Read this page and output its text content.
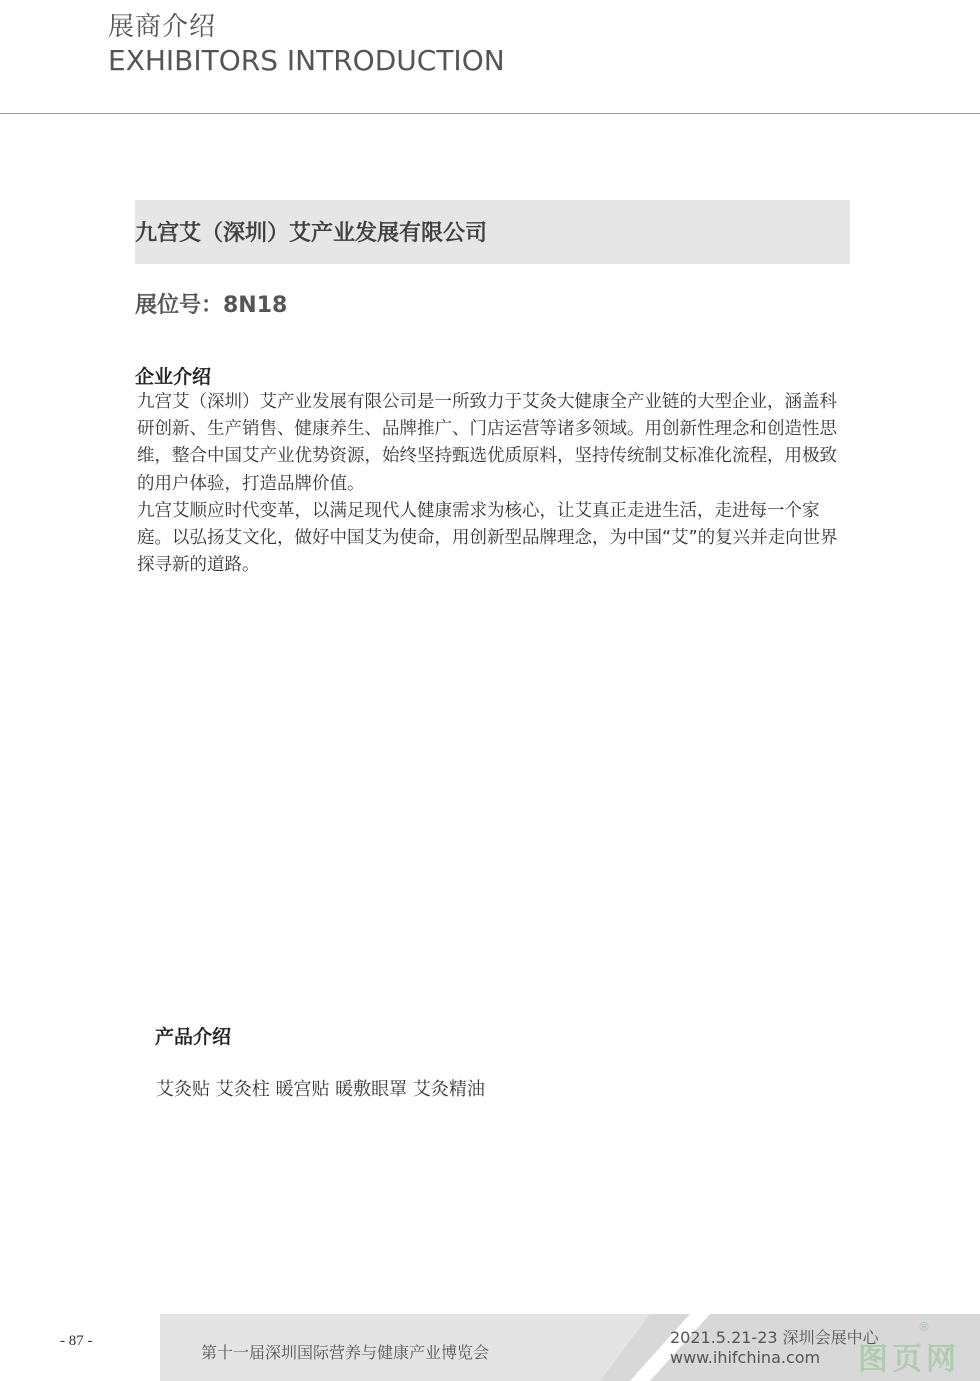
展商介绍
EXHIBITORS INTRODUCTION
九宫艾（深圳）艾产业发展有限公司
展位号：8N18
企业介绍

九宫艾（深圳）艾产业发展有限公司是一所致力于艾灸大健康全产业链的大型企业，涵盖科研创新、生产销售、健康养生、品牌推广、门店运营等诸多领域。用创新性理念和创造性思维，整合中国艾产业优势资源，始终坚持甄选优质原料，坚持传统制艾标准化流程，用极致的用户体验，打造品牌价值。

九宫艾顺应时代变革，以满足现代人健康需求为核心，让艾真正走进生活，走进每一个家庭。以弘扬艾文化，做好中国艾为使命，用创新型品牌理念，为中国“艾”的复兴并走向世界探寻新的道路。

产品介绍
艾灸贴 艾灸柱 暖宫贴 暖敷眼罩 艾灸精油
- 87 -
第十一届深圳国际营养与健康产业博览会
2021.5.21-23 深圳会展中心
www.ihifchina.com 图页网
®
